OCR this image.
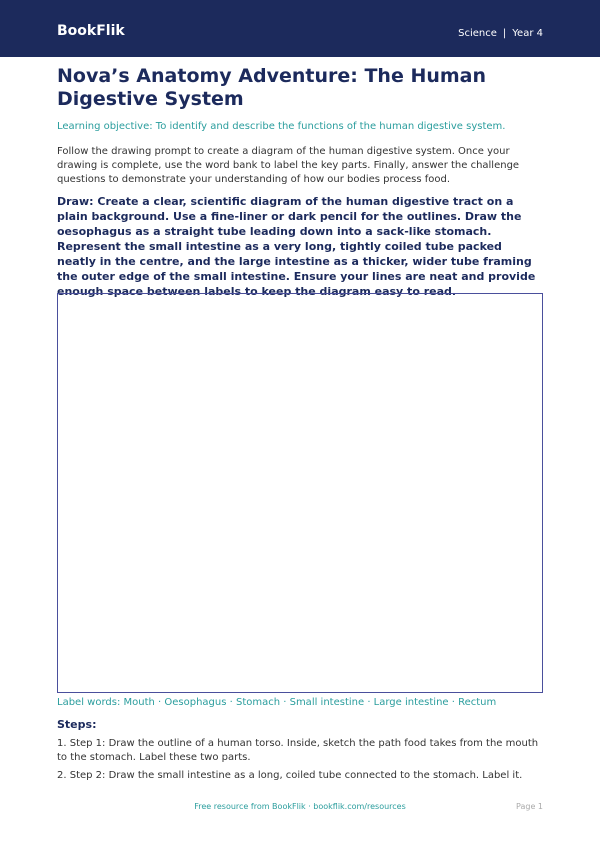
BookFlik	Science | Year 4
Nova’s Anatomy Adventure: The Human Digestive System

Learning objective: To identify and describe the functions of the human digestive system.

Follow the drawing prompt to create a diagram of the human digestive system. Once your drawing is complete, use the word bank to label the key parts. Finally, answer the challenge questions to demonstrate your understanding of how our bodies process food.

Draw: Create a clear, scientific diagram of the human digestive tract on a plain background. Use a fine-liner or dark pencil for the outlines. Draw the oesophagus as a straight tube leading down into a sack-like stomach. Represent the small intestine as a very long, tightly coiled tube packed neatly in the centre, and the large intestine as a thicker, wider tube framing the outer edge of the small intestine. Ensure your lines are neat and provide enough space between labels to keep the diagram easy to read.

Label words: Mouth · Oesophagus · Stomach · Small intestine · Large intestine · Rectum

Steps:

1. Step 1: Draw the outline of a human torso. Inside, sketch the path food takes from the mouth to the stomach. Label these two parts.
2. Step 2: Draw the small intestine as a long, coiled tube connected to the stomach. Label it.
Free resource from BookFlik · bookflik.com/resources	Page 1
